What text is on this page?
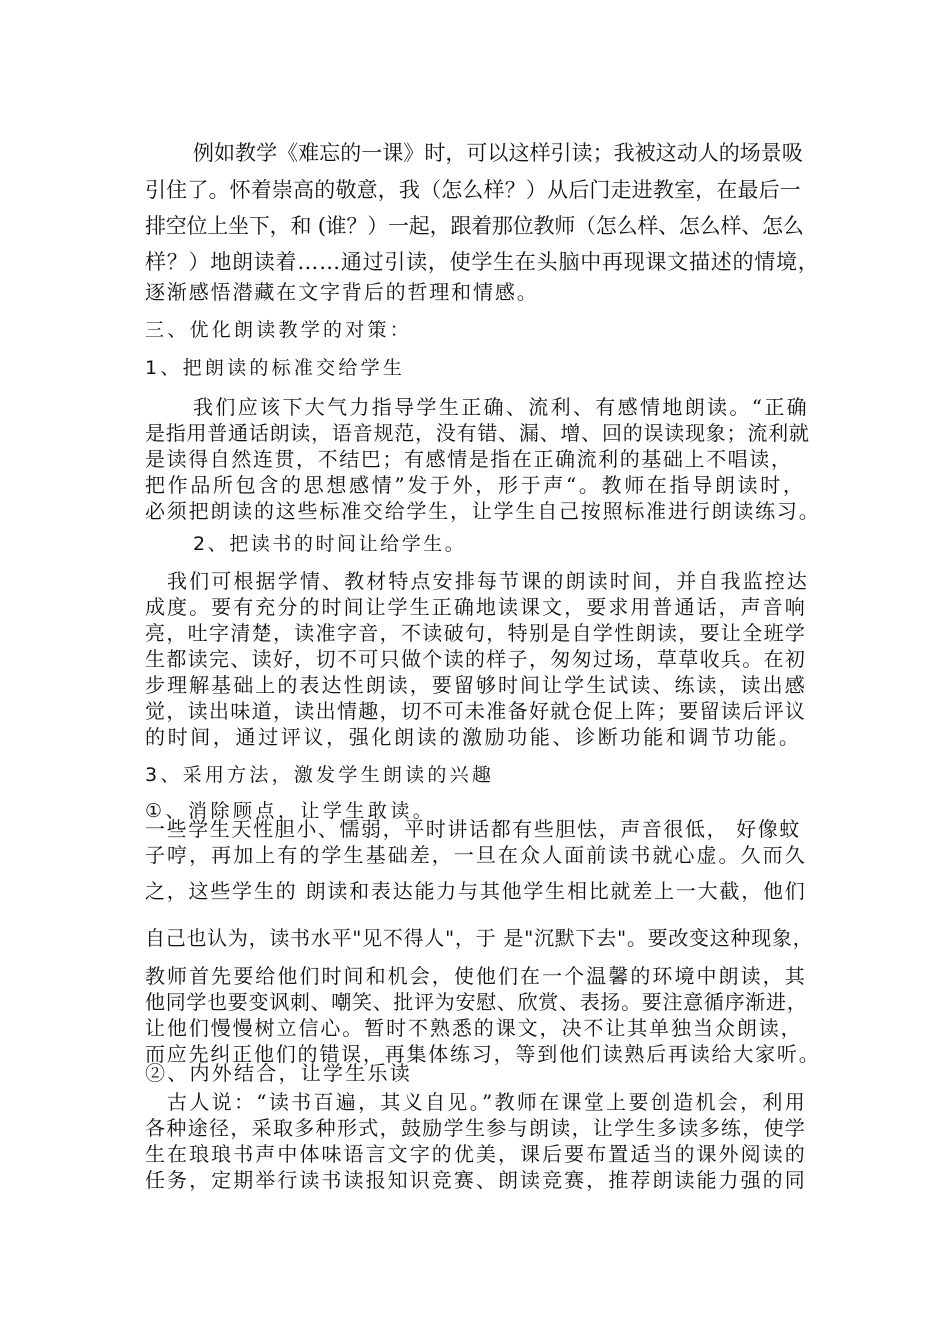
例如教学《难忘的一课》时，可以这样引读；我被这动人的场景吸
引住了。怀着崇高的敬意，我（怎么样？）从后门走进教室，在最后一
排空位上坐下，和 (谁？）一起，跟着那位教师（怎么样、怎么样、怎么
样？）地朗读着……通过引读，使学生在头脑中再现课文描述的情境，
逐渐感悟潜藏在文字背后的哲理和情感。
三、优化朗读教学的对策：
1、把朗读的标准交给学生
我们应该下大气力指导学生正确、流利、有感情地朗读。“正确
是指用普通话朗读，语音规范，没有错、漏、增、回的误读现象；流利就
是读得自然连贯，不结巴；有感情是指在正确流利的基础上不唱读，
把作品所包含的思想感情”发于外，形于声“。教师在指导朗读时，
必须把朗读的这些标准交给学生，让学生自己按照标准进行朗读练习。
2、把读书的时间让给学生。
我们可根据学情、教材特点安排每节课的朗读时间，并自我监控达
成度。要有充分的时间让学生正确地读课文，要求用普通话，声音响
亮，吐字清楚，读准字音，不读破句，特别是自学性朗读，要让全班学
生都读完、读好，切不可只做个读的样子，匆匆过场，草草收兵。在初
步理解基础上的表达性朗读，要留够时间让学生试读、练读，读出感
觉，读出味道，读出情趣，切不可未准备好就仓促上阵；要留读后评议
的时间，通过评议，强化朗读的激励功能、诊断功能和调节功能。
3、采用方法，激发学生朗读的兴趣
①、消除顾点，让学生敢读。
一些学生天性胆小、懦弱，平时讲话都有些胆怯，声音很低， 好像蚊
子哼，再加上有的学生基础差，一旦在众人面前读书就心虚。久而久
之，这些学生的 朗读和表达能力与其他学生相比就差上一大截，他们
自己也认为，读书水平"见不得人"，于 是"沉默下去"。要改变这种现象，
教师首先要给他们时间和机会，使他们在一个温馨的环境中朗读，其
他同学也要变讽刺、嘲笑、批评为安慰、欣赏、表扬。要注意循序渐进，
让他们慢慢树立信心。暂时不熟悉的课文，决不让其单独当众朗读，
而应先纠正他们的错误，再集体练习，等到他们读熟后再读给大家听。
②、内外结合，让学生乐读
古人说：“读书百遍，其义自见。”教师在课堂上要创造机会，利用
各种途径，采取多种形式，鼓励学生参与朗读，让学生多读多练，使学
生在琅琅书声中体味语言文字的优美，课后要布置适当的课外阅读的
任务，定期举行读书读报知识竞赛、朗读竞赛，推荐朗读能力强的同
